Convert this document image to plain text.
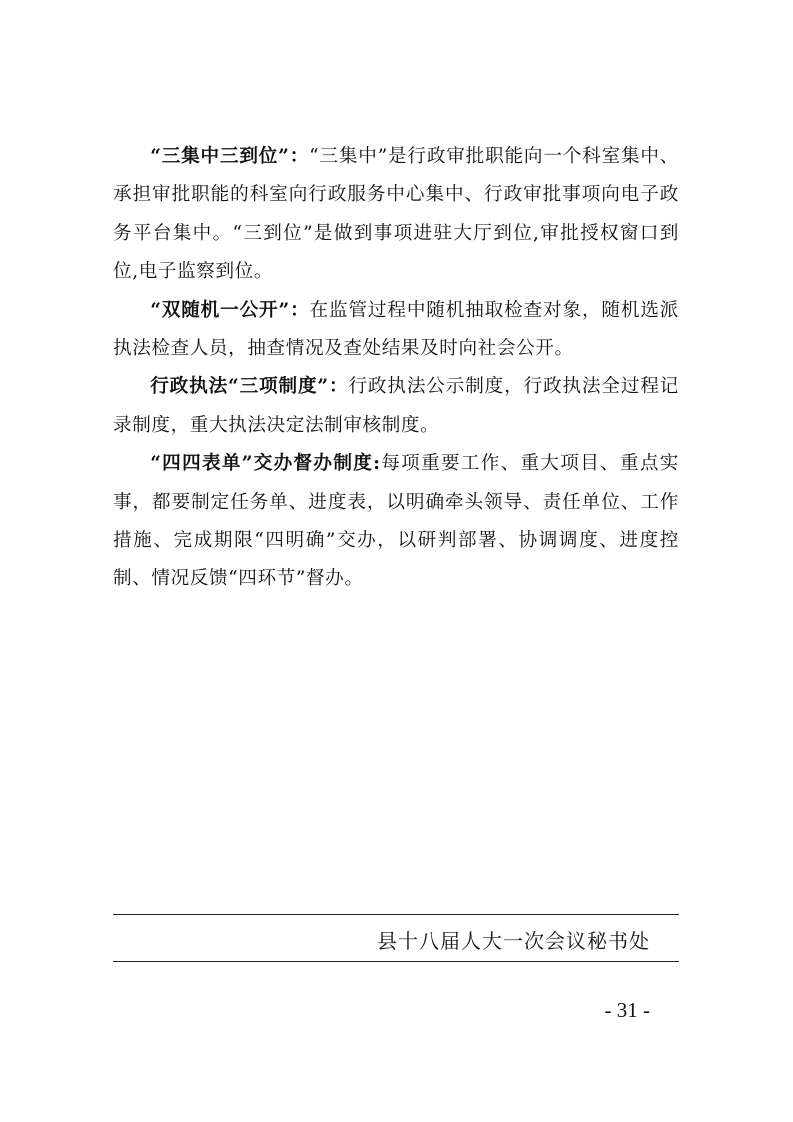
“三集中三到位”：“三集中”是行政审批职能向一个科室集中、承担审批职能的科室向行政服务中心集中、行政审批事项向电子政务平台集中。“三到位”是做到事项进驻大厅到位,审批授权窗口到位,电子监察到位。

“双随机一公开”：在监管过程中随机抽取检查对象，随机选派执法检查人员，抽查情况及查处结果及时向社会公开。

行政执法“三项制度”：行政执法公示制度，行政执法全过程记录制度，重大执法决定法制审核制度。

“四四表单”交办督办制度:每项重要工作、重大项目、重点实事，都要制定任务单、进度表，以明确牵头领导、责任单位、工作措施、完成期限“四明确”交办，以研判部署、协调调度、进度控制、情况反馈“四环节”督办。

县十八届人大一次会议秘书处
- 31 -
